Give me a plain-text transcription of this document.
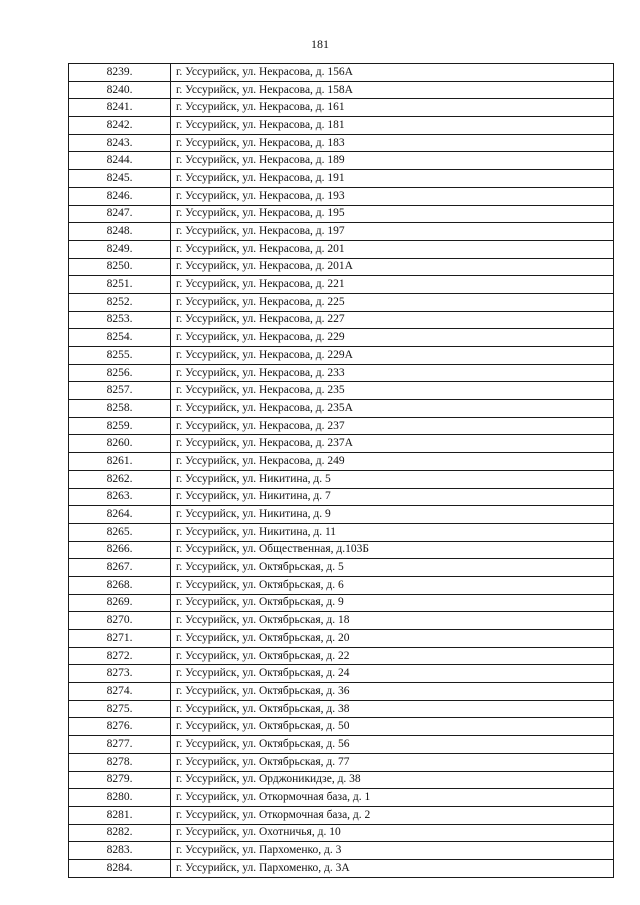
181
8239.	г. Уссурийск, ул. Некрасова, д. 156А
8240.	г. Уссурийск, ул. Некрасова, д. 158А
8241.	г. Уссурийск, ул. Некрасова, д. 161
8242.	г. Уссурийск, ул. Некрасова, д. 181
8243.	г. Уссурийск, ул. Некрасова, д. 183
8244.	г. Уссурийск, ул. Некрасова, д. 189
8245.	г. Уссурийск, ул. Некрасова, д. 191
8246.	г. Уссурийск, ул. Некрасова, д. 193
8247.	г. Уссурийск, ул. Некрасова, д. 195
8248.	г. Уссурийск, ул. Некрасова, д. 197
8249.	г. Уссурийск, ул. Некрасова, д. 201
8250.	г. Уссурийск, ул. Некрасова, д. 201А
8251.	г. Уссурийск, ул. Некрасова, д. 221
8252.	г. Уссурийск, ул. Некрасова, д. 225
8253.	г. Уссурийск, ул. Некрасова, д. 227
8254.	г. Уссурийск, ул. Некрасова, д. 229
8255.	г. Уссурийск, ул. Некрасова, д. 229А
8256.	г. Уссурийск, ул. Некрасова, д. 233
8257.	г. Уссурийск, ул. Некрасова, д. 235
8258.	г. Уссурийск, ул. Некрасова, д. 235А
8259.	г. Уссурийск, ул. Некрасова, д. 237
8260.	г. Уссурийск, ул. Некрасова, д. 237А
8261.	г. Уссурийск, ул. Некрасова, д. 249
8262.	г. Уссурийск, ул. Никитина, д. 5
8263.	г. Уссурийск, ул. Никитина, д. 7
8264.	г. Уссурийск, ул. Никитина, д. 9
8265.	г. Уссурийск, ул. Никитина, д. 11
8266.	г. Уссурийск, ул. Общественная, д.103Б
8267.	г. Уссурийск, ул. Октябрьская, д. 5
8268.	г. Уссурийск, ул. Октябрьская, д. 6
8269.	г. Уссурийск, ул. Октябрьская, д. 9
8270.	г. Уссурийск, ул. Октябрьская, д. 18
8271.	г. Уссурийск, ул. Октябрьская, д. 20
8272.	г. Уссурийск, ул. Октябрьская, д. 22
8273.	г. Уссурийск, ул. Октябрьская, д. 24
8274.	г. Уссурийск, ул. Октябрьская, д. 36
8275.	г. Уссурийск, ул. Октябрьская, д. 38
8276.	г. Уссурийск, ул. Октябрьская, д. 50
8277.	г. Уссурийск, ул. Октябрьская, д. 56
8278.	г. Уссурийск, ул. Октябрьская, д. 77
8279.	г. Уссурийск, ул. Орджоникидзе, д. 38
8280.	г. Уссурийск, ул. Откормочная база, д. 1
8281.	г. Уссурийск, ул. Откормочная база, д. 2
8282.	г. Уссурийск, ул. Охотничья, д. 10
8283.	г. Уссурийск, ул. Пархоменко, д. 3
8284.	г. Уссурийск, ул. Пархоменко, д. 3А
